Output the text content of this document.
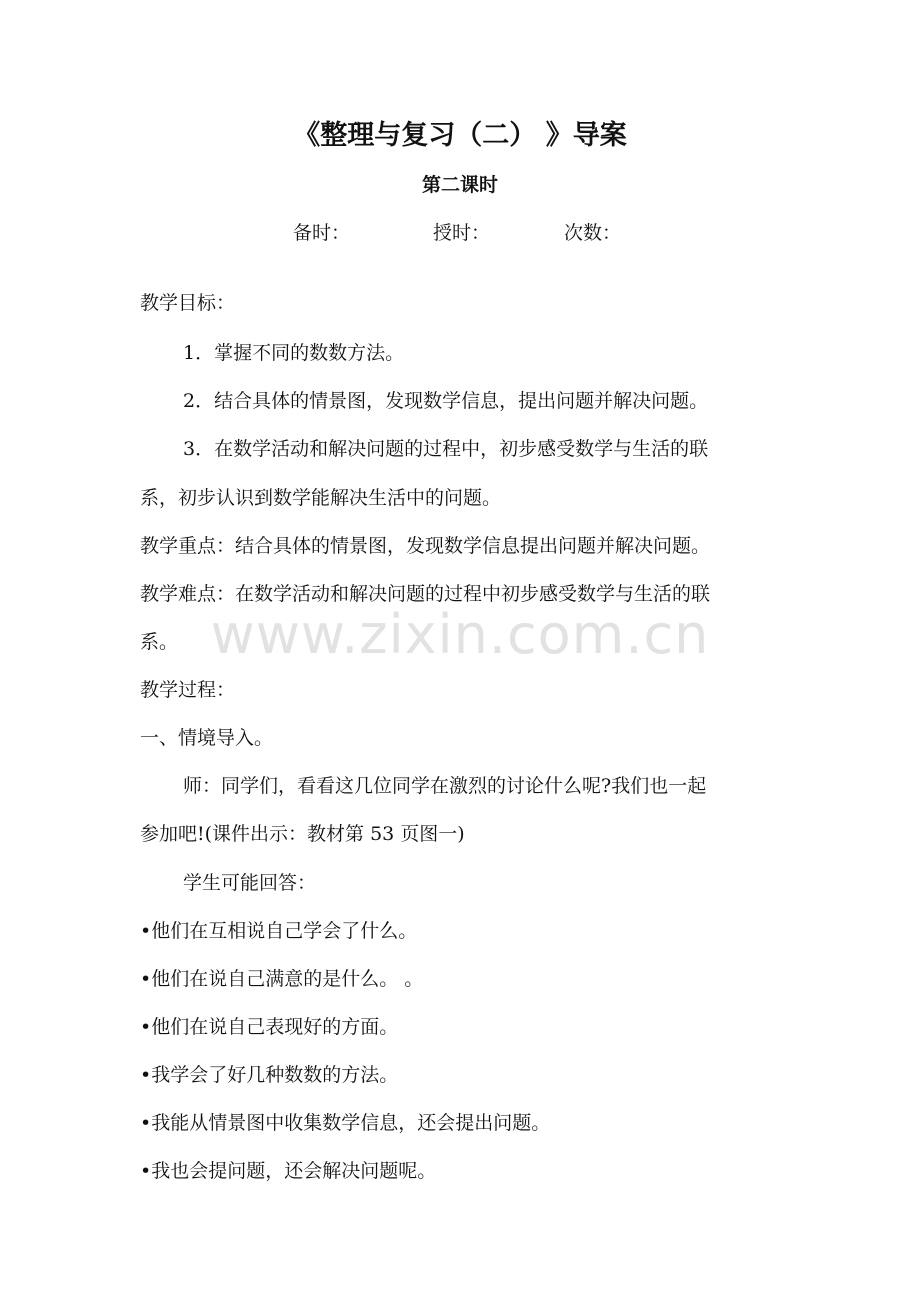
《整理与复习（二） 》导案
第二课时
备时：	授时：	次数：
教学目标：
1．掌握不同的数数方法。
2．结合具体的情景图，发现数学信息，提出问题并解决问题。
3．在数学活动和解决问题的过程中，初步感受数学与生活的联
系，初步认识到数学能解决生活中的问题。
教学重点：结合具体的情景图，发现数学信息提出问题并解决问题。
教学难点：在数学活动和解决问题的过程中初步感受数学与生活的联
系。
教学过程：
一、情境导入。
师：同学们，看看这几位同学在激烈的讨论什么呢?我们也一起
参加吧!(课件出示：教材第 53 页图一)
学生可能回答：
•他们在互相说自己学会了什么。
•他们在说自己满意的是什么。 。
•他们在说自己表现好的方面。
•我学会了好几种数数的方法。
•我能从情景图中收集数学信息，还会提出问题。
•我也会提问题，还会解决问题呢。
www.zixin.com.cn
